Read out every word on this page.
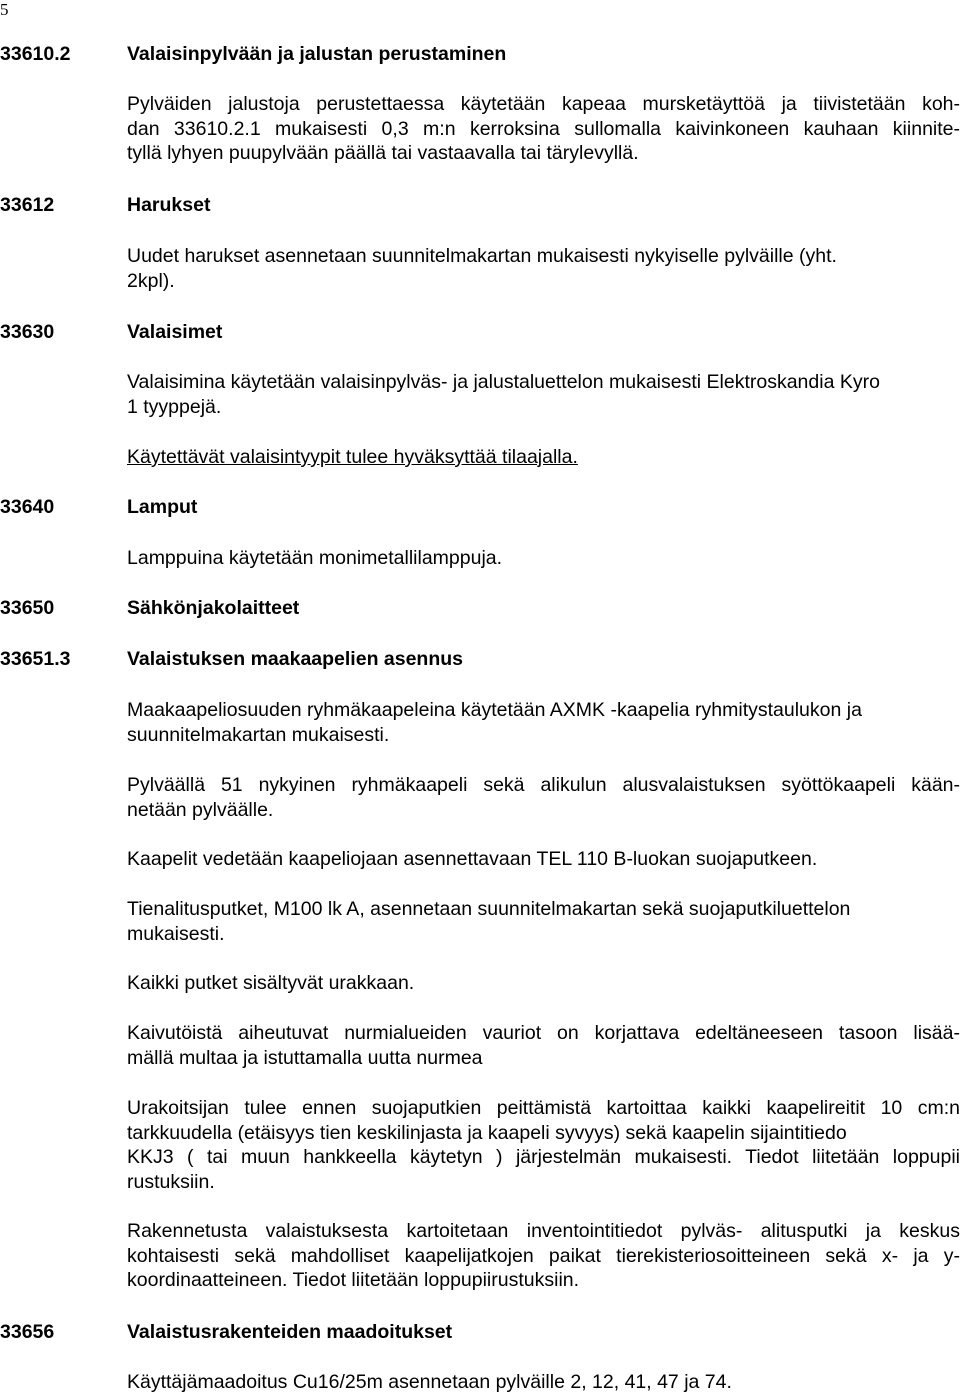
5
33610.2	Valaisinpylvään ja jalustan perustaminen
Pylväiden jalustoja perustettaessa käytetään kapeaa mursketäyttöä ja tiivistetään koh-
dan 33610.2.1 mukaisesti 0,3 m:n kerroksina sullomalla kaivinkoneen kauhaan kiinnite-
tyllä lyhyen puupylvään päällä tai vastaavalla tai tärylevyllä.
33612	Harukset
Uudet harukset asennetaan suunnitelmakartan mukaisesti nykyiselle pylväille (yht.
2kpl).
33630	Valaisimet
Valaisimina käytetään valaisinpylväs- ja jalustaluettelon mukaisesti Elektroskandia Kyro
1 tyyppejä.
Käytettävät valaisintyypit tulee hyväksyttää tilaajalla.
33640	Lamput
Lamppuina käytetään monimetallilamppuja.
33650	Sähkönjakolaitteet
33651.3	Valaistuksen maakaapelien asennus
Maakaapeliosuuden ryhmäkaapeleina käytetään AXMK -kaapelia ryhmitystaulukon ja
suunnitelmakartan mukaisesti.
Pylväällä 51 nykyinen ryhmäkaapeli sekä alikulun alusvalaistuksen syöttökaapeli kään-
netään pylväälle.
Kaapelit vedetään kaapeliojaan asennettavaan TEL 110 B-luokan suojaputkeen.
Tienalitusputket, M100 lk A, asennetaan suunnitelmakartan sekä suojaputkiluettelon
mukaisesti.
Kaikki putket sisältyvät urakkaan.
Kaivutöistä aiheutuvat nurmialueiden vauriot on korjattava edeltäneeseen tasoon lisää-
mällä multaa ja istuttamalla uutta nurmea
Urakoitsijan tulee ennen suojaputkien peittämistä kartoittaa kaikki kaapelireitit 10 cm:n
tarkkuudella (etäisyys tien keskilinjasta ja kaapeli syvyys) sekä kaapelin sijaintitiedo
KKJ3 ( tai muun hankkeella käytetyn ) järjestelmän mukaisesti. Tiedot liitetään loppupii
rustuksiin.
Rakennetusta valaistuksesta kartoitetaan inventointitiedot pylväs- alitusputki ja keskus
kohtaisesti sekä mahdolliset kaapelijatkojen paikat tierekisteriosoitteineen sekä x- ja y-
koordinaatteineen. Tiedot liitetään loppupiirustuksiin.
33656	Valaistusrakenteiden maadoitukset
Käyttäjämaadoitus Cu16/25m asennetaan pylväille 2, 12, 41, 47 ja 74.
